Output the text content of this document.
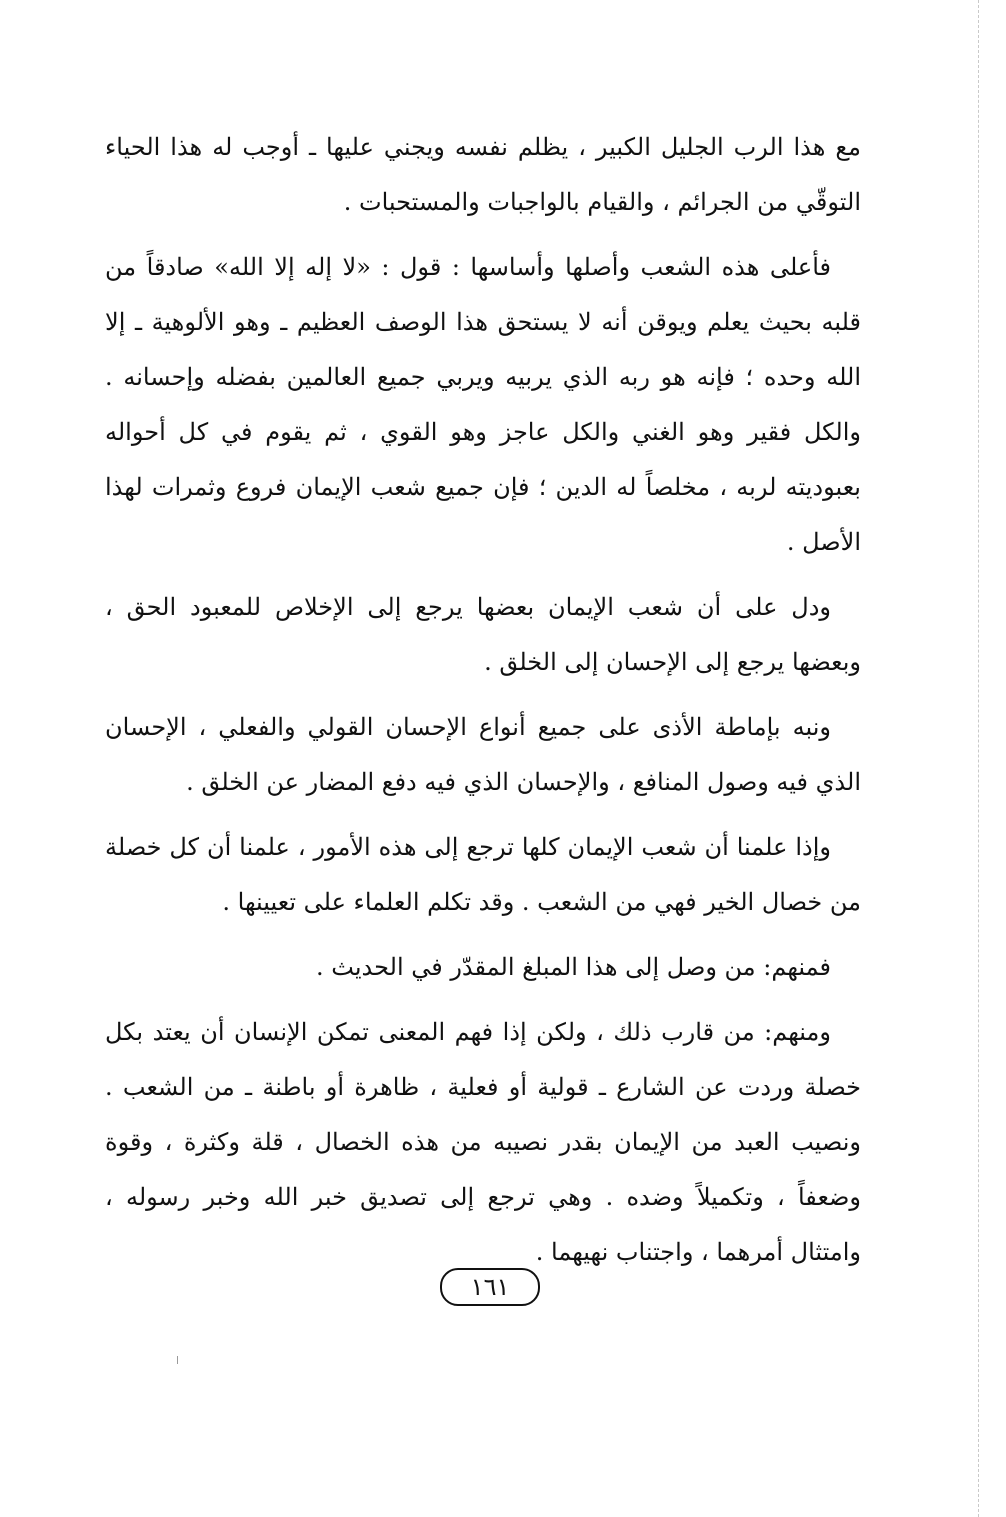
مع هذا الرب الجليل الكبير ، يظلم نفسه ويجني عليها ـ أوجب له هذا الحياء التوقّي من الجرائم ، والقيام بالواجبات والمستحبات .

فأعلى هذه الشعب وأصلها وأساسها : قول : «لا إله إلا الله» صادقاً من قلبه بحيث يعلم ويوقن أنه لا يستحق هذا الوصف العظيم ـ وهو الألوهية ـ إلا الله وحده ؛ فإنه هو ربه الذي يربيه ويربي جميع العالمين بفضله وإحسانه . والكل فقير وهو الغني والكل عاجز وهو القوي ، ثم يقوم في كل أحواله بعبوديته لربه ، مخلصاً له الدين ؛ فإن جميع شعب الإيمان فروع وثمرات لهذا الأصل .

ودل على أن شعب الإيمان بعضها يرجع إلى الإخلاص للمعبود الحق ، وبعضها يرجع إلى الإحسان إلى الخلق .

ونبه بإماطة الأذى على جميع أنواع الإحسان القولي والفعلي ، الإحسان الذي فيه وصول المنافع ، والإحسان الذي فيه دفع المضار عن الخلق .

وإذا علمنا أن شعب الإيمان كلها ترجع إلى هذه الأمور ، علمنا أن كل خصلة من خصال الخير فهي من الشعب . وقد تكلم العلماء على تعيينها .

فمنهم: من وصل إلى هذا المبلغ المقدّر في الحديث .

ومنهم: من قارب ذلك ، ولكن إذا فهم المعنى تمكن الإنسان أن يعتد بكل خصلة وردت عن الشارع ـ قولية أو فعلية ، ظاهرة أو باطنة ـ من الشعب . ونصيب العبد من الإيمان بقدر نصيبه من هذه الخصال ، قلة وكثرة ، وقوة وضعفاً ، وتكميلاً وضده . وهي ترجع إلى تصديق خبر الله وخبر رسوله ، وامتثال أمرهما ، واجتناب نهيهما .

١٦١
